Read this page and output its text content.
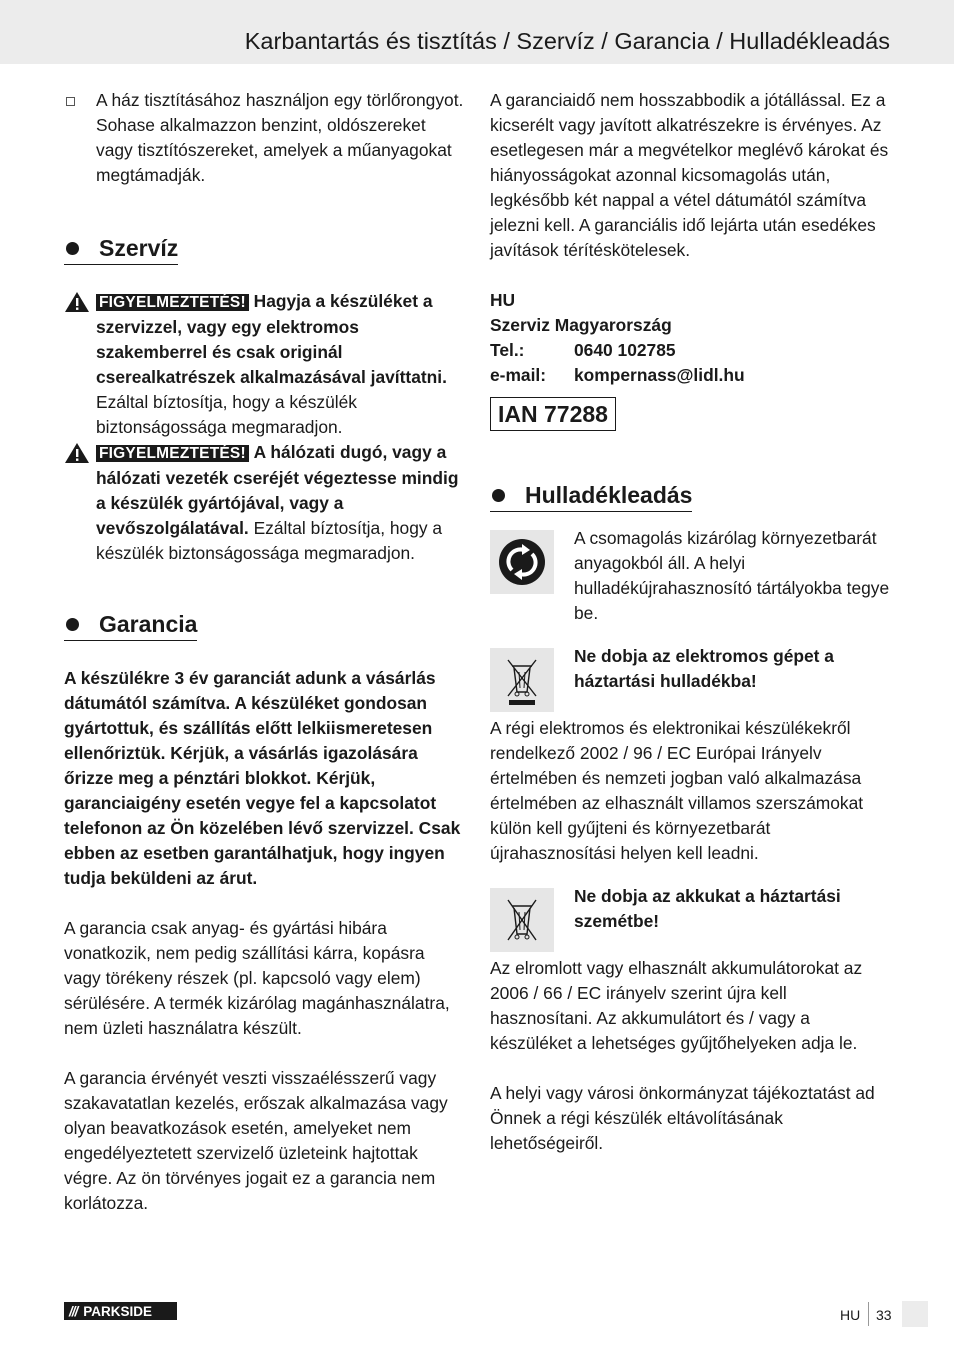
Karbantartás és tisztítás / Szervíz / Garancia / Hulladékleadás

A ház tisztításához használjon egy törlőrongyot. Sohase alkalmazzon benzint, oldószereket vagy tisztítószereket, amelyek a műanyagokat megtámadják.

Szervíz

FIGYELMEZTETÉS! Hagyja a készüléket a szervizzel, vagy egy elektromos szakemberrel és csak originál cserealkatrészek alkalmazásával javíttatni. Ezáltal bíztosítja, hogy a készülék biztonságossága megmaradjon.

FIGYELMEZTETÉS! A hálózati dugó, vagy a hálózati vezeték cseréjét végeztesse mindig a készülék gyártójával, vagy a vevőszolgálatával. Ezáltal bíztosítja, hogy a készülék biztonságossága megmaradjon.

Garancia

A készülékre 3 év garanciát adunk a vásárlás dátumától számítva. A készüléket gondosan gyártottuk, és szállítás előtt lelkiismeretesen ellenőriztük. Kérjük, a vásárlás igazolására őrizze meg a pénztári blokkot. Kérjük, garanciaigény esetén vegye fel a kapcsolatot telefonon az Ön közelében lévő szervizzel. Csak ebben az esetben garantálhatjuk, hogy ingyen tudja beküldeni az árut.

A garancia csak anyag- és gyártási hibára vonatkozik, nem pedig szállítási kárra, kopásra vagy törékeny részek (pl. kapcsoló vagy elem) sérülésére. A termék kizárólag magánhasználatra, nem üzleti használatra készült.

A garancia érvényét veszti visszaélésszerű vagy szakavatatlan kezelés, erőszak alkalmazása vagy olyan beavatkozások esetén, amelyeket nem engedélyeztetett szervizelő üzleteink hajtottak végre. Az ön törvényes jogait ez a garancia nem korlátozza.

A garanciaidő nem hosszabbodik a jótállással. Ez a kicserélt vagy javított alkatrészekre is érvényes. Az esetlegesen már a megvételkor meglévő károkat és hiányosságokat azonnal kicsomagolás után, legkésőbb két nappal a vétel dátumától számítva jelezni kell. A garanciális idő lejárta után esedékes javítások térítéskötelesek.

HU
Szerviz Magyarország
Tel.:	0640 102785
e-mail:	kompernass@lidl.hu
IAN 77288
Hulladékleadás

A csomagolás kizárólag környezetbarát anyagokból áll. A helyi hulladékújrahasznosító tártályokba tegye be.

Ne dobja az elektromos gépet a háztartási hulladékba!

A régi elektromos és elektronikai készülékekről rendelkező 2002 / 96 / EC Európai Irányelv értelmében és nemzeti jogban való alkalmazása értelmében az elhasznált villamos szerszámokat külön kell gyűjteni és környezetbarát újrahasznosítási helyen kell leadni.

Ne dobja az akkukat a háztartási szemétbe!

Az elromlott vagy elhasznált akkumulátorokat az 2006 / 66 / EC irányelv szerint újra kell hasznosítani. Az akkumulátort és / vagy a készüléket a lehetséges gyűjtőhelyeken adja le.

A helyi vagy városi önkormányzat tájékoztatást ad Önnek a régi készülék eltávolításának lehetőségeiről.

/// PARKSIDE	HU 33
